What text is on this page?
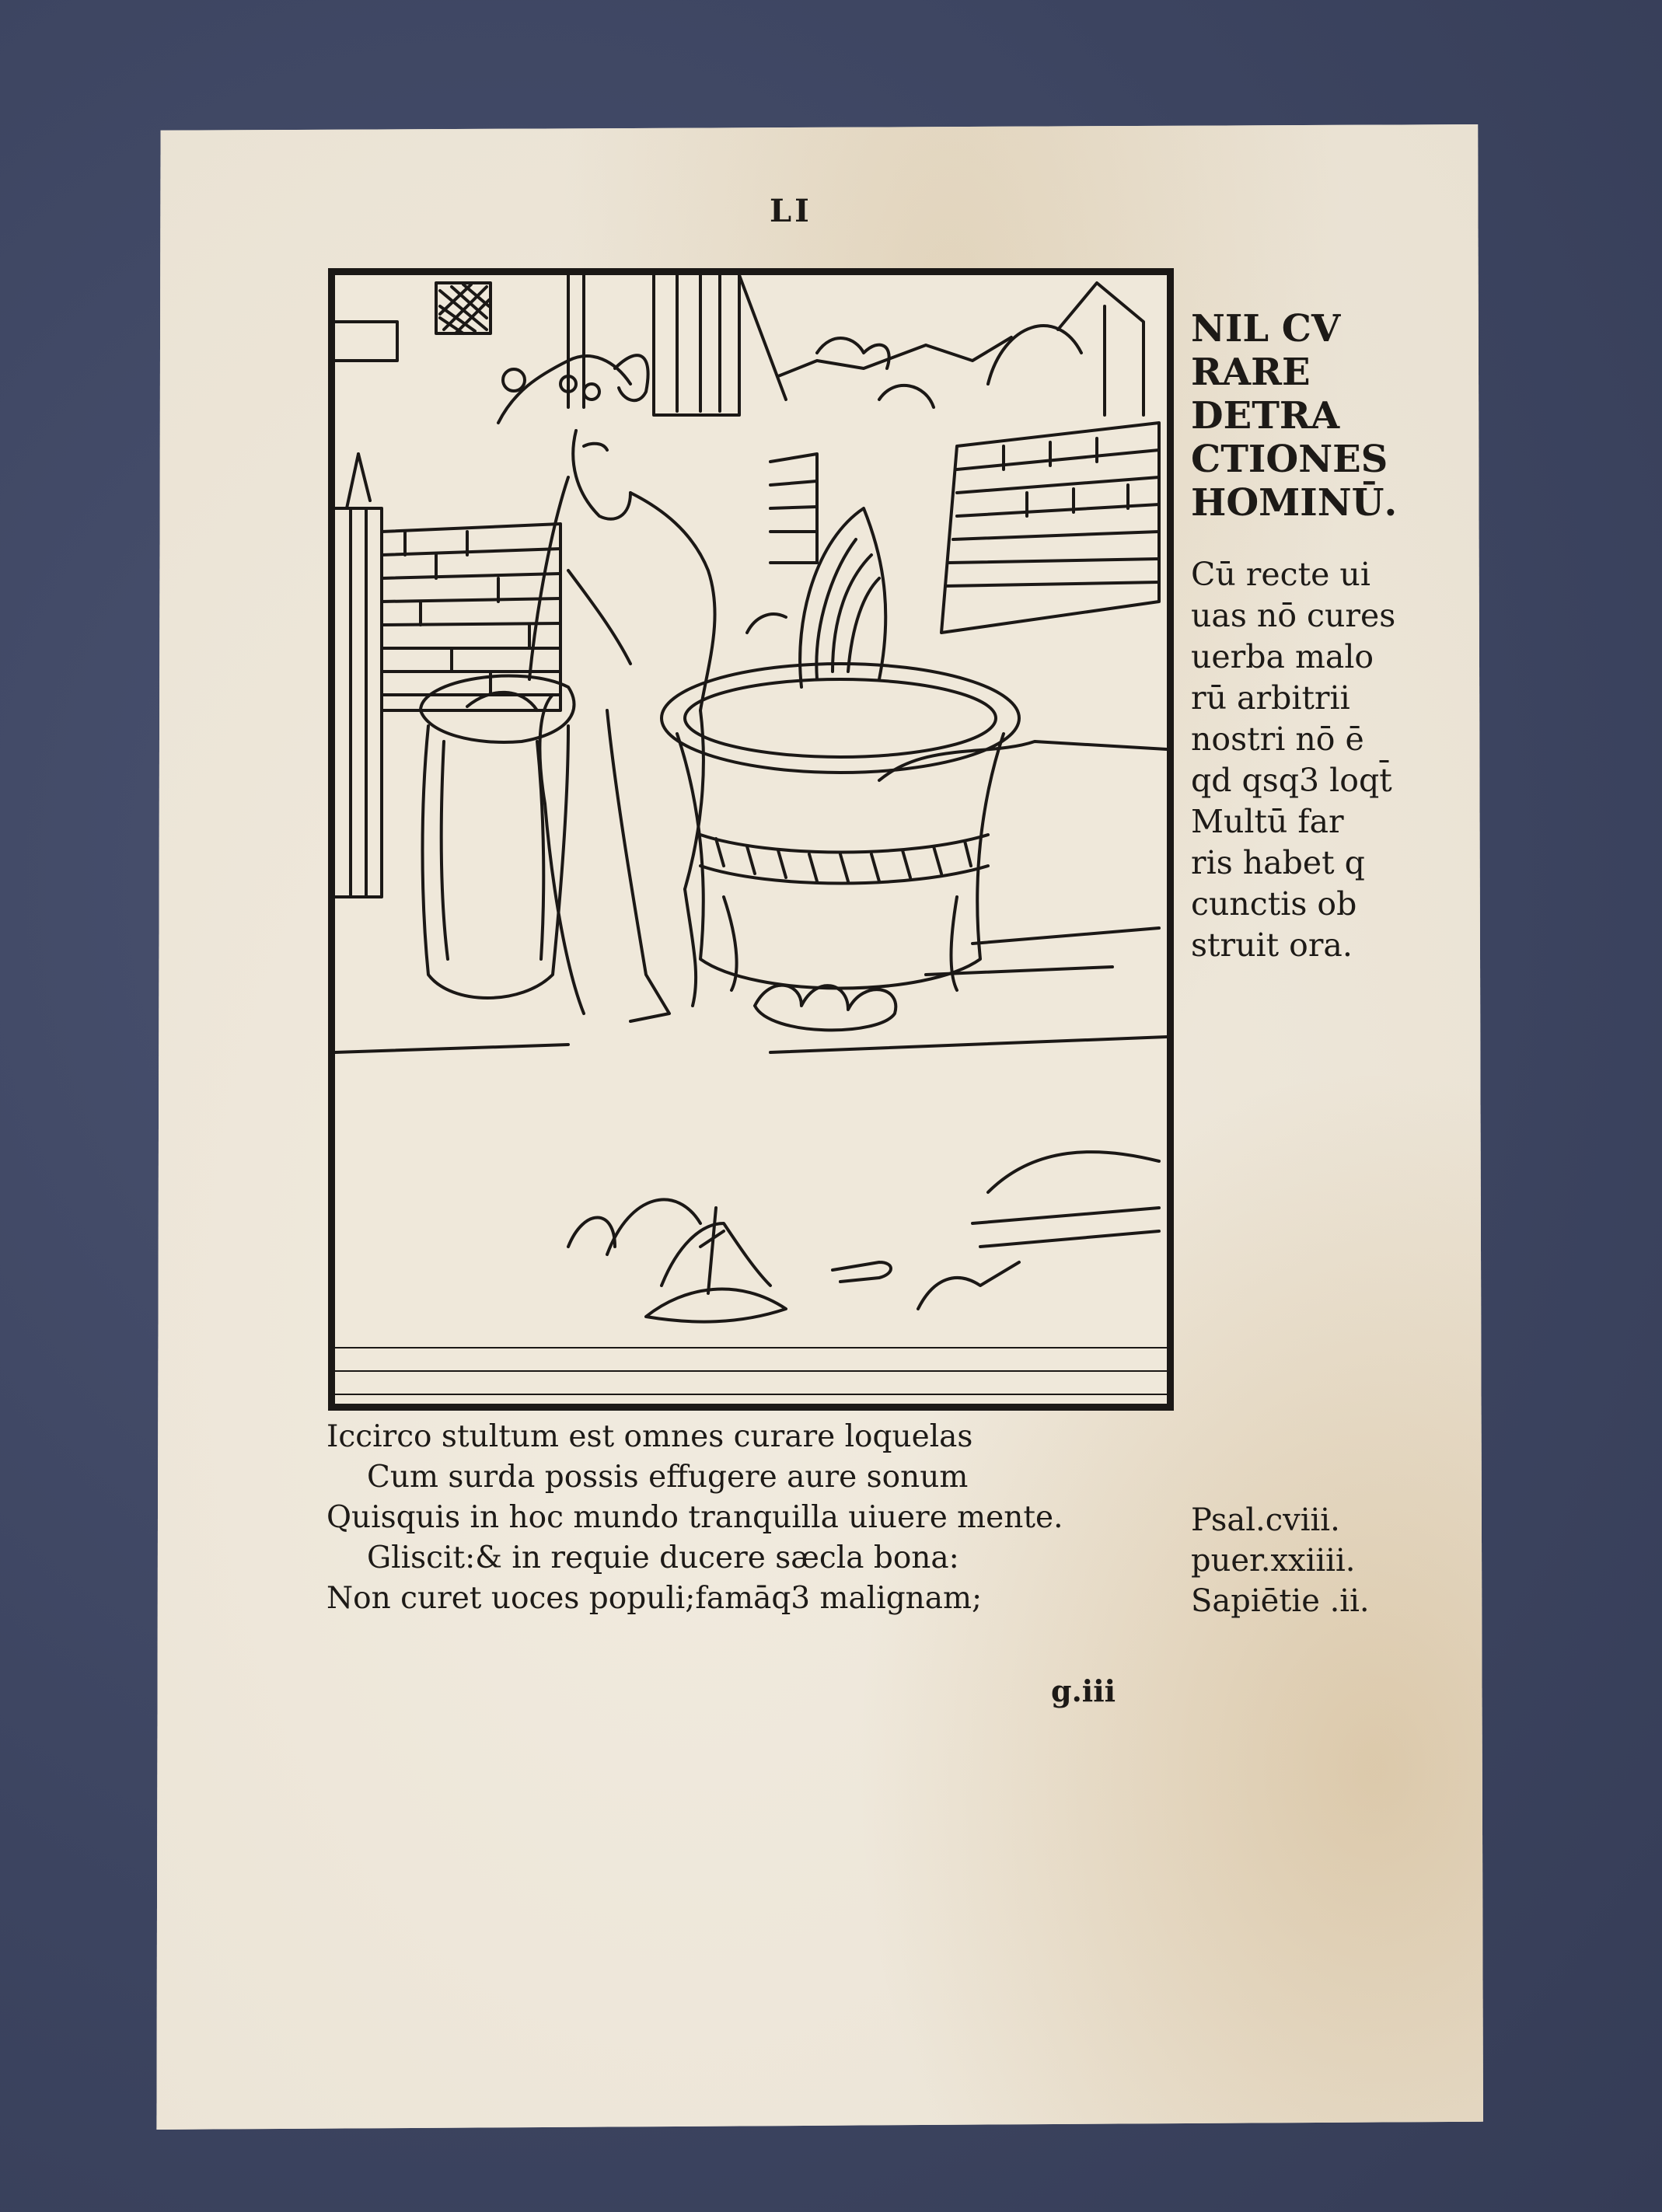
LI
NIL CV
RARE
DETRA
CTIONES
HOMINŪ.
Cū recte ui
uas nō cures
uerba malo
rū arbitrii
nostri nō ē
qd qsq3 loqt̄
Multū far
ris habet q
cunctis ob
struit ora.
Iccirco stultum est omnes curare loquelas
Cum surda possis effugere aure sonum
Quisquis in hoc mundo tranquilla uiuere mente.
Gliscit:& in requie ducere sæcla bona:
Non curet uoces populi;famāq3 malignam;
Psal.cviii.
puer.xxiiii.
Sapiētie .ii.
g.iii
